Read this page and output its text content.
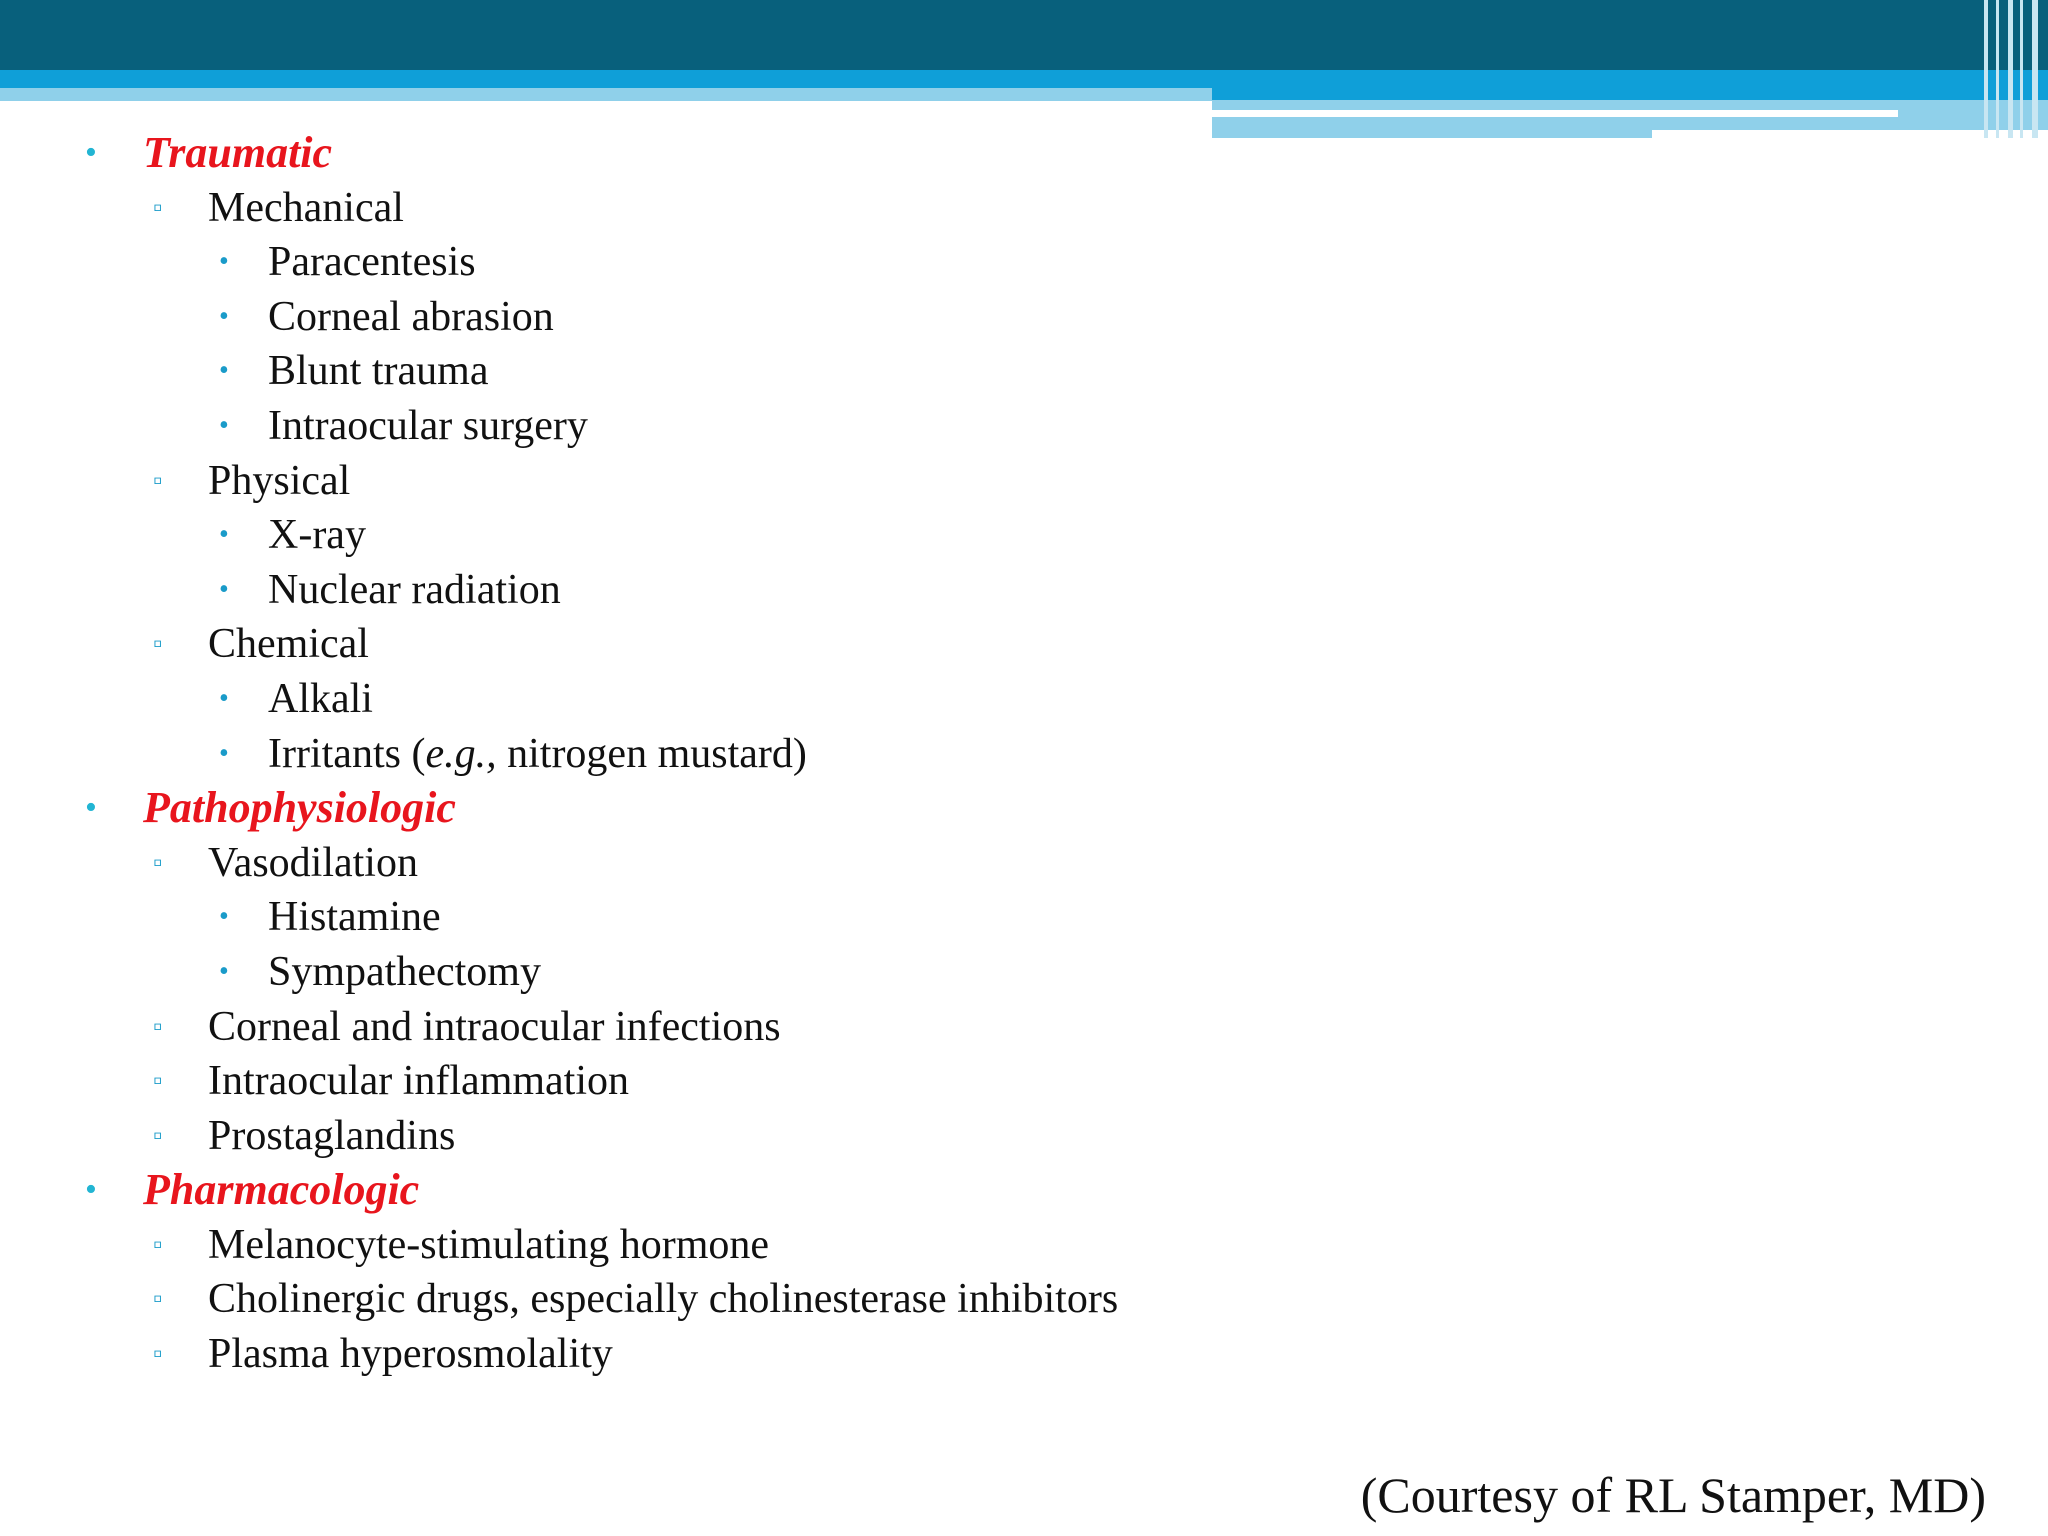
• Traumatic
▫ Mechanical
• Paracentesis
• Corneal abrasion
• Blunt trauma
• Intraocular surgery
▫ Physical
• X-ray
• Nuclear radiation
▫ Chemical
• Alkali
• Irritants (e.g., nitrogen mustard)
• Pathophysiologic
▫ Vasodilation
• Histamine
• Sympathectomy
▫ Corneal and intraocular infections
▫ Intraocular inflammation
▫ Prostaglandins
• Pharmacologic
▫ Melanocyte-stimulating hormone
▫ Cholinergic drugs, especially cholinesterase inhibitors
▫ Plasma hyperosmolality
(Courtesy of RL Stamper, MD)
